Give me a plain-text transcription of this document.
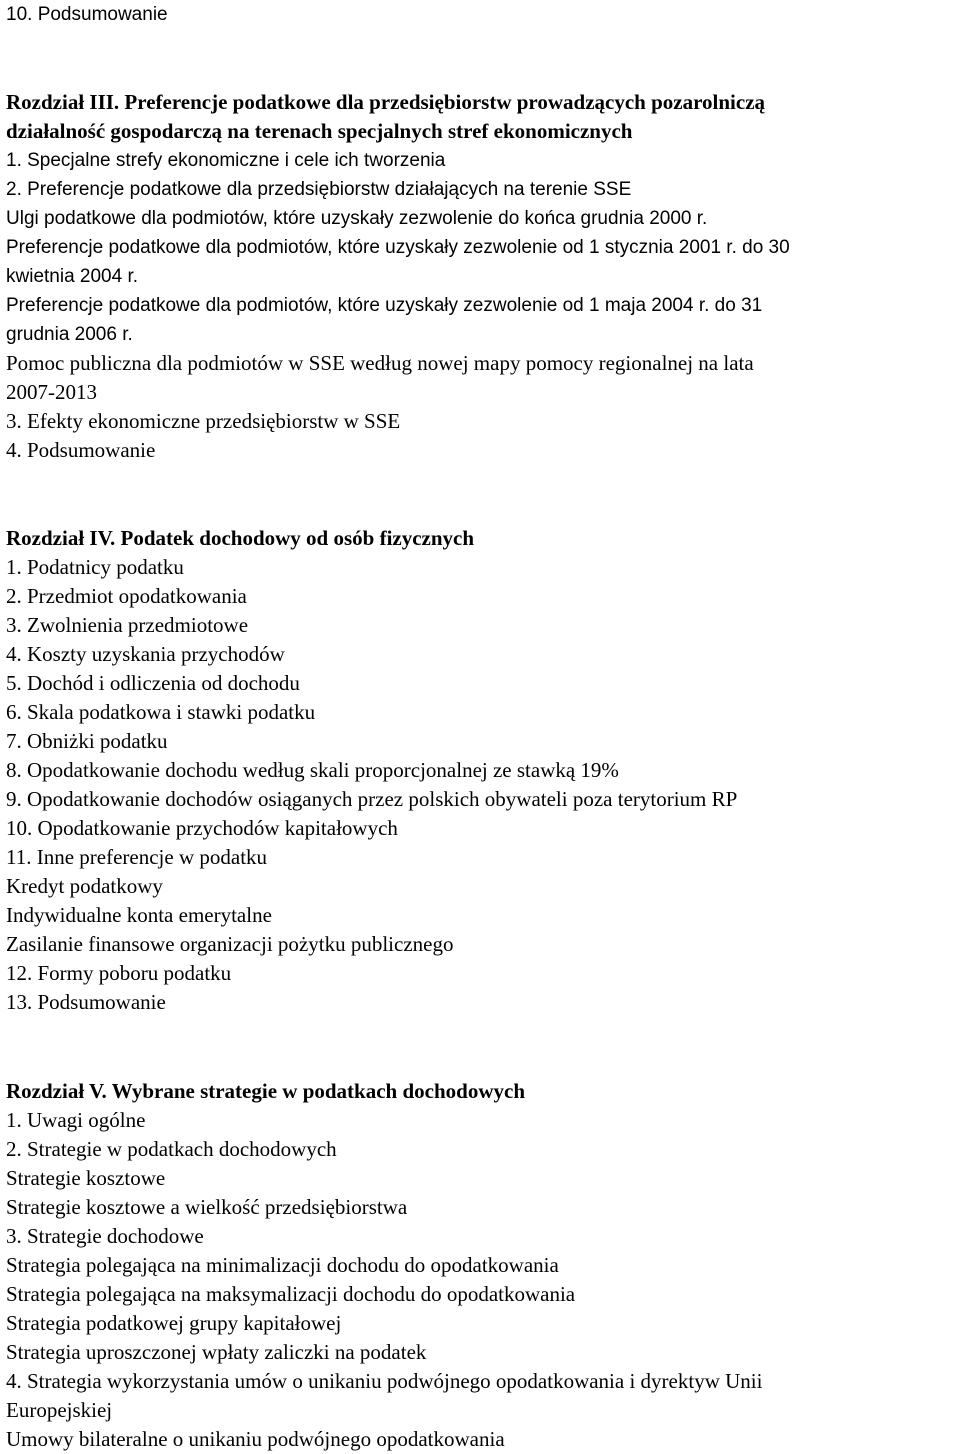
10. Podsumowanie
Rozdział III. Preferencje podatkowe dla przedsiębiorstw prowadzących pozarolniczą
działalność gospodarczą na terenach specjalnych stref ekonomicznych
1. Specjalne strefy ekonomiczne i cele ich tworzenia
2. Preferencje podatkowe dla przedsiębiorstw działających na terenie SSE
Ulgi podatkowe dla podmiotów, które uzyskały zezwolenie do końca grudnia 2000 r.
Preferencje podatkowe dla podmiotów, które uzyskały zezwolenie od 1 stycznia 2001 r. do 30
kwietnia 2004 r.
Preferencje podatkowe dla podmiotów, które uzyskały zezwolenie od 1 maja 2004 r. do 31
grudnia 2006 r.
Pomoc publiczna dla podmiotów w SSE według nowej mapy pomocy regionalnej na lata
2007-2013
3. Efekty ekonomiczne przedsiębiorstw w SSE
4. Podsumowanie
Rozdział IV. Podatek dochodowy od osób fizycznych
1. Podatnicy podatku
2. Przedmiot opodatkowania
3. Zwolnienia przedmiotowe
4. Koszty uzyskania przychodów
5. Dochód i odliczenia od dochodu
6. Skala podatkowa i stawki podatku
7. Obniżki podatku
8. Opodatkowanie dochodu według skali proporcjonalnej ze stawką 19%
9. Opodatkowanie dochodów osiąganych przez polskich obywateli poza terytorium RP
10. Opodatkowanie przychodów kapitałowych
11. Inne preferencje w podatku
Kredyt podatkowy
Indywidualne konta emerytalne
Zasilanie finansowe organizacji pożytku publicznego
12. Formy poboru podatku
13. Podsumowanie
Rozdział V. Wybrane strategie w podatkach dochodowych
1. Uwagi ogólne
2. Strategie w podatkach dochodowych
Strategie kosztowe
Strategie kosztowe a wielkość przedsiębiorstwa
3. Strategie dochodowe
Strategia polegająca na minimalizacji dochodu do opodatkowania
Strategia polegająca na maksymalizacji dochodu do opodatkowania
Strategia podatkowej grupy kapitałowej
Strategia uproszczonej wpłaty zaliczki na podatek
4. Strategia wykorzystania umów o unikaniu podwójnego opodatkowania i dyrektyw Unii
Europejskiej
Umowy bilateralne o unikaniu podwójnego opodatkowania
